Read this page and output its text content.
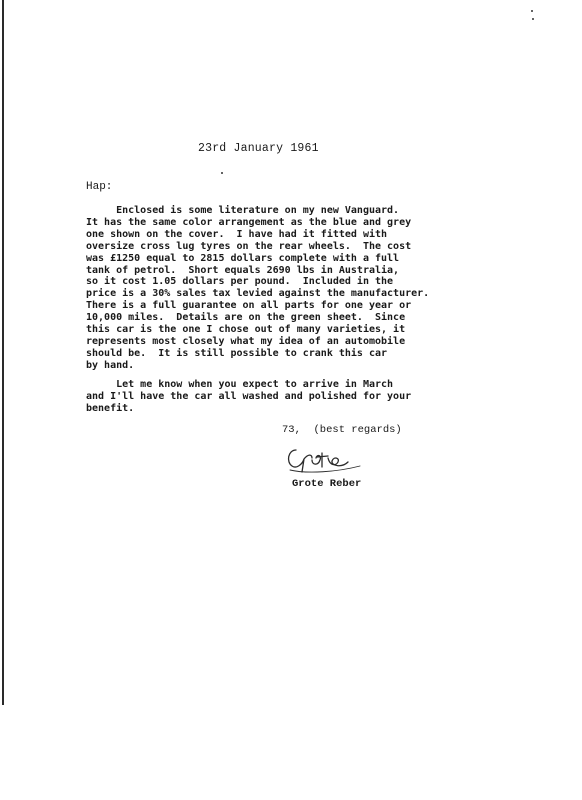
23rd January 1961
Hap:
Enclosed is some literature on my new Vanguard.
It has the same color arrangement as the blue and grey
one shown on the cover.  I have had it fitted with
oversize cross lug tyres on the rear wheels.  The cost
was £1250 equal to 2815 dollars complete with a full
tank of petrol.  Short equals 2690 lbs in Australia,
so it cost 1.05 dollars per pound.  Included in the
price is a 30% sales tax levied against the manufacturer.
There is a full guarantee on all parts for one year or
10,000 miles.  Details are on the green sheet.  Since
this car is the one I chose out of many varieties, it
represents most closely what my idea of an automobile
should be.  It is still possible to crank this car
by hand.
Let me know when you expect to arrive in March
and I'll have the car all washed and polished for your
benefit.
73,  (best regards)
Grote Reber
